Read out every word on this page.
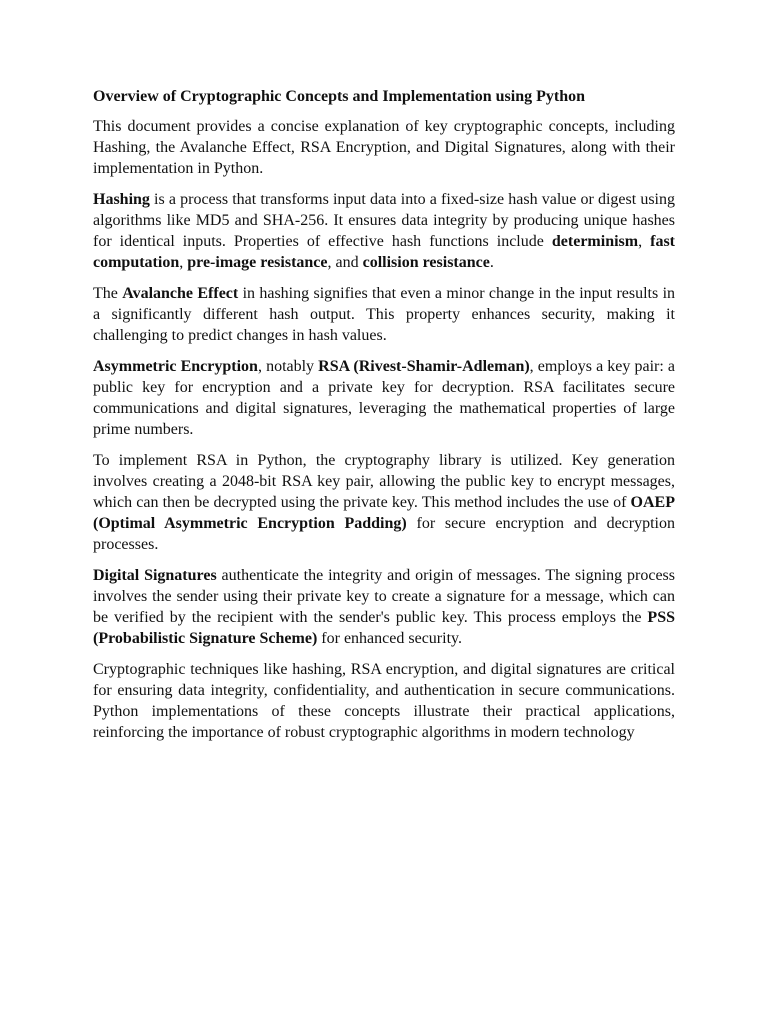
Overview of Cryptographic Concepts and Implementation using Python

This document provides a concise explanation of key cryptographic concepts, including Hashing, the Avalanche Effect, RSA Encryption, and Digital Signatures, along with their implementation in Python.

Hashing is a process that transforms input data into a fixed-size hash value or digest using algorithms like MD5 and SHA-256. It ensures data integrity by producing unique hashes for identical inputs. Properties of effective hash functions include determinism, fast computation, pre-image resistance, and collision resistance.

The Avalanche Effect in hashing signifies that even a minor change in the input results in a significantly different hash output. This property enhances security, making it challenging to predict changes in hash values.

Asymmetric Encryption, notably RSA (Rivest-Shamir-Adleman), employs a key pair: a public key for encryption and a private key for decryption. RSA facilitates secure communications and digital signatures, leveraging the mathematical properties of large prime numbers.

To implement RSA in Python, the cryptography library is utilized. Key generation involves creating a 2048-bit RSA key pair, allowing the public key to encrypt messages, which can then be decrypted using the private key. This method includes the use of OAEP (Optimal Asymmetric Encryption Padding) for secure encryption and decryption processes.

Digital Signatures authenticate the integrity and origin of messages. The signing process involves the sender using their private key to create a signature for a message, which can be verified by the recipient with the sender's public key. This process employs the PSS (Probabilistic Signature Scheme) for enhanced security.

Cryptographic techniques like hashing, RSA encryption, and digital signatures are critical for ensuring data integrity, confidentiality, and authentication in secure communications. Python implementations of these concepts illustrate their practical applications, reinforcing the importance of robust cryptographic algorithms in modern technology
